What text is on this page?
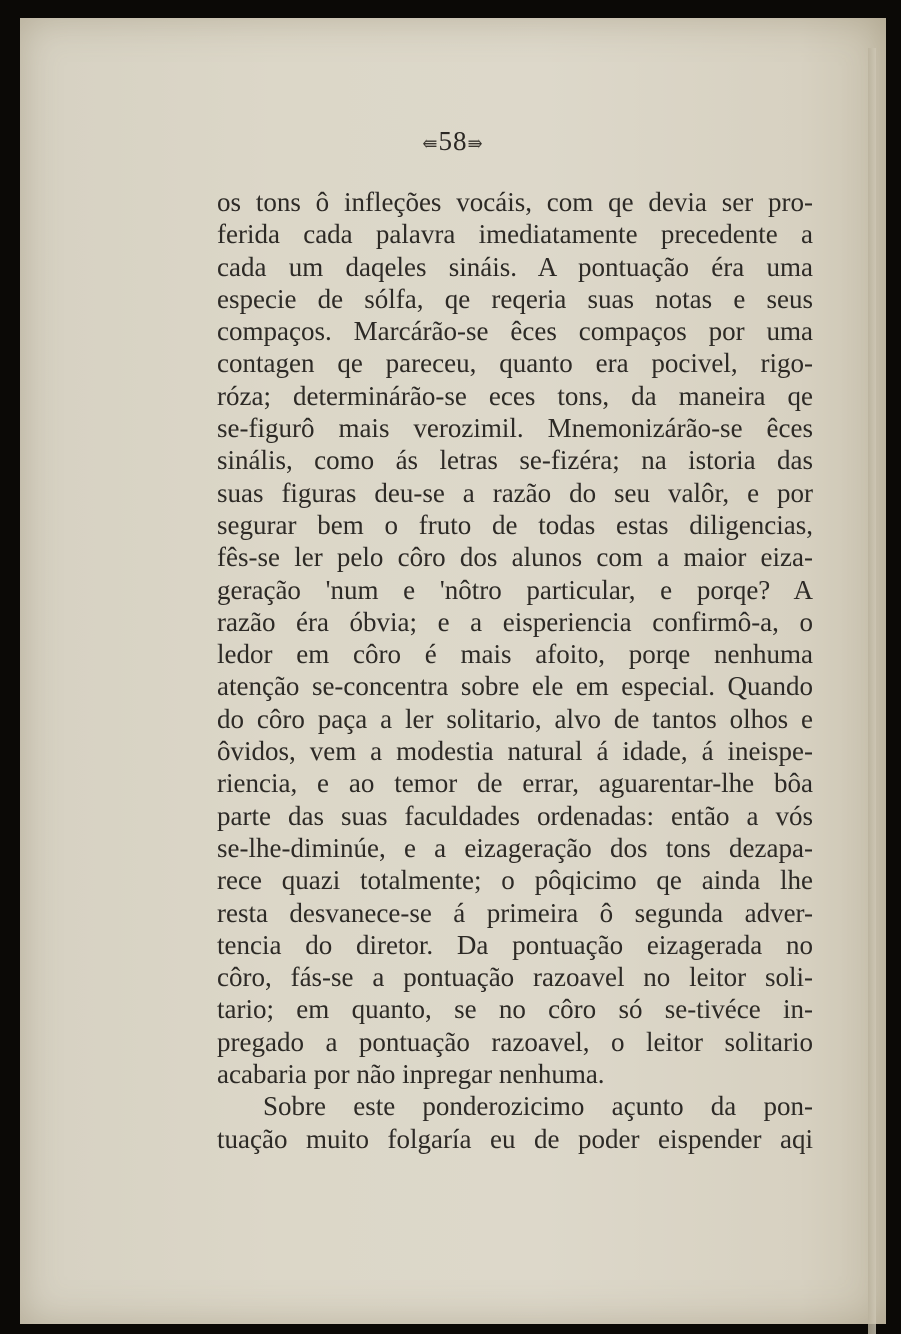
⇚58⇛
os tons ô infleções vocáis, com qe devia ser pro-
ferida cada palavra imediatamente precedente a
cada um daqeles sináis. A pontuação éra uma
especie de sólfa, qe reqeria suas notas e seus
compaços. Marcárão-se êces compaços por uma
contagen qe pareceu, quanto era pocivel, rigo-
róza; determinárão-se eces tons, da maneira qe
se-figurô mais verozimil. Mnemonizárão-se êces
sinális, como ás letras se-fizéra; na istoria das
suas figuras deu-se a razão do seu valôr, e por
segurar bem o fruto de todas estas diligencias,
fês-se ler pelo côro dos alunos com a maior eiza-
geração 'num e 'nôtro particular, e porqe? A
razão éra óbvia; e a eisperiencia confirmô-a, o
ledor em côro é mais afoito, porqe nenhuma
atenção se-concentra sobre ele em especial. Quando
do côro paça a ler solitario, alvo de tantos olhos e
ôvidos, vem a modestia natural á idade, á ineispe-
riencia, e ao temor de errar, aguarentar-lhe bôa
parte das suas faculdades ordenadas: então a vós
se-lhe-diminúe, e a eizageração dos tons dezapa-
rece quazi totalmente; o pôqicimo qe ainda lhe
resta desvanece-se á primeira ô segunda adver-
tencia do diretor. Da pontuação eizagerada no
côro, fás-se a pontuação razoavel no leitor soli-
tario; em quanto, se no côro só se-tivéce in-
pregado a pontuação razoavel, o leitor solitario
acabaria por não inpregar nenhuma.
Sobre este ponderozicimo açunto da pon-
tuação muito folgaría eu de poder eispender aqi
